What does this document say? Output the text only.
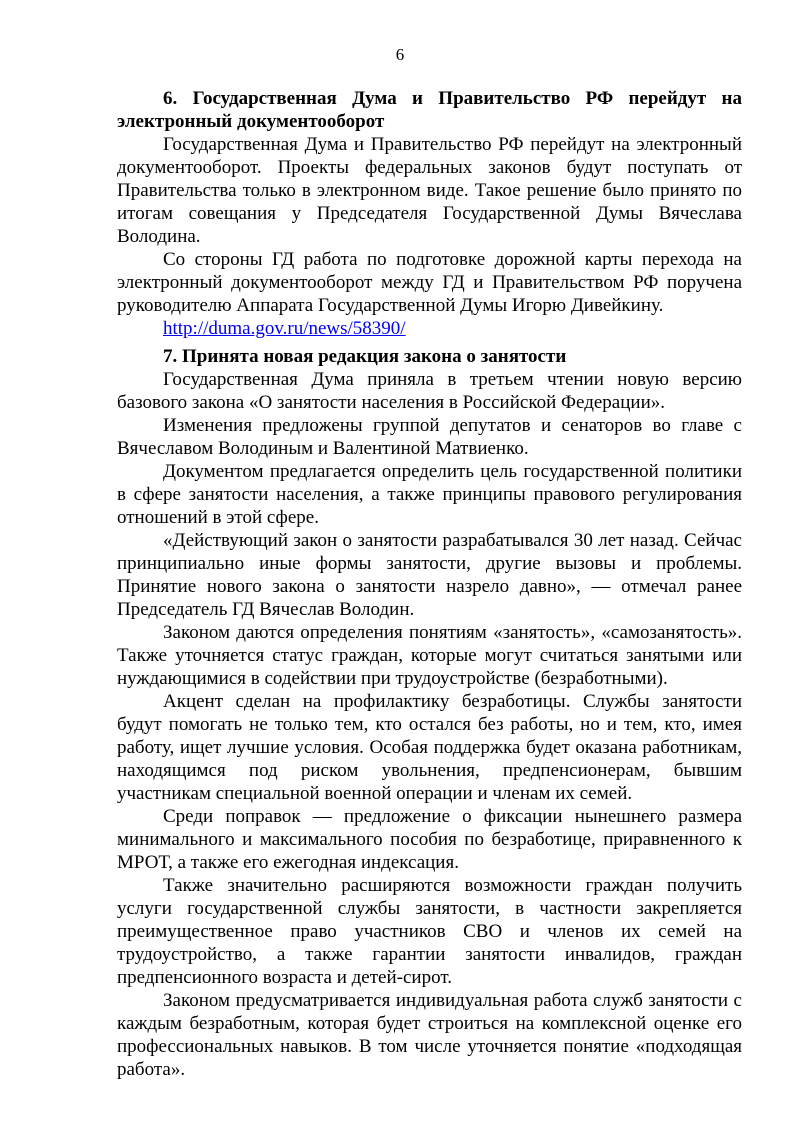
6

6. Государственная Дума и Правительство РФ перейдут на электронный документооборот

Государственная Дума и Правительство РФ перейдут на электронный документооборот. Проекты федеральных законов будут поступать от Правительства только в электронном виде. Такое решение было принято по итогам совещания у Председателя Государственной Думы Вячеслава Володина.

Со стороны ГД работа по подготовке дорожной карты перехода на электронный документооборот между ГД и Правительством РФ поручена руководителю Аппарата Государственной Думы Игорю Дивейкину.

http://duma.gov.ru/news/58390/

7. Принята новая редакция закона о занятости

Государственная Дума приняла в третьем чтении новую версию базового закона «О занятости населения в Российской Федерации».

Изменения предложены группой депутатов и сенаторов во главе с Вячеславом Володиным и Валентиной Матвиенко.

Документом предлагается определить цель государственной политики в сфере занятости населения, а также принципы правового регулирования отношений в этой сфере.

«Действующий закон о занятости разрабатывался 30 лет назад. Сейчас принципиально иные формы занятости, другие вызовы и проблемы. Принятие нового закона о занятости назрело давно», — отмечал ранее Председатель ГД Вячеслав Володин.

Законом даются определения понятиям «занятость», «самозанятость». Также уточняется статус граждан, которые могут считаться занятыми или нуждающимися в содействии при трудоустройстве (безработными).

Акцент сделан на профилактику безработицы. Службы занятости будут помогать не только тем, кто остался без работы, но и тем, кто, имея работу, ищет лучшие условия. Особая поддержка будет оказана работникам, находящимся под риском увольнения, предпенсионерам, бывшим участникам специальной военной операции и членам их семей.

Среди поправок — предложение о фиксации нынешнего размера минимального и максимального пособия по безработице, приравненного к МРОТ, а также его ежегодная индексация.

Также значительно расширяются возможности граждан получить услуги государственной службы занятости, в частности закрепляется преимущественное право участников СВО и членов их семей на трудоустройство, а также гарантии занятости инвалидов, граждан предпенсионного возраста и детей-сирот.

Законом предусматривается индивидуальная работа служб занятости с каждым безработным, которая будет строиться на комплексной оценке его профессиональных навыков. В том числе уточняется понятие «подходящая работа».
